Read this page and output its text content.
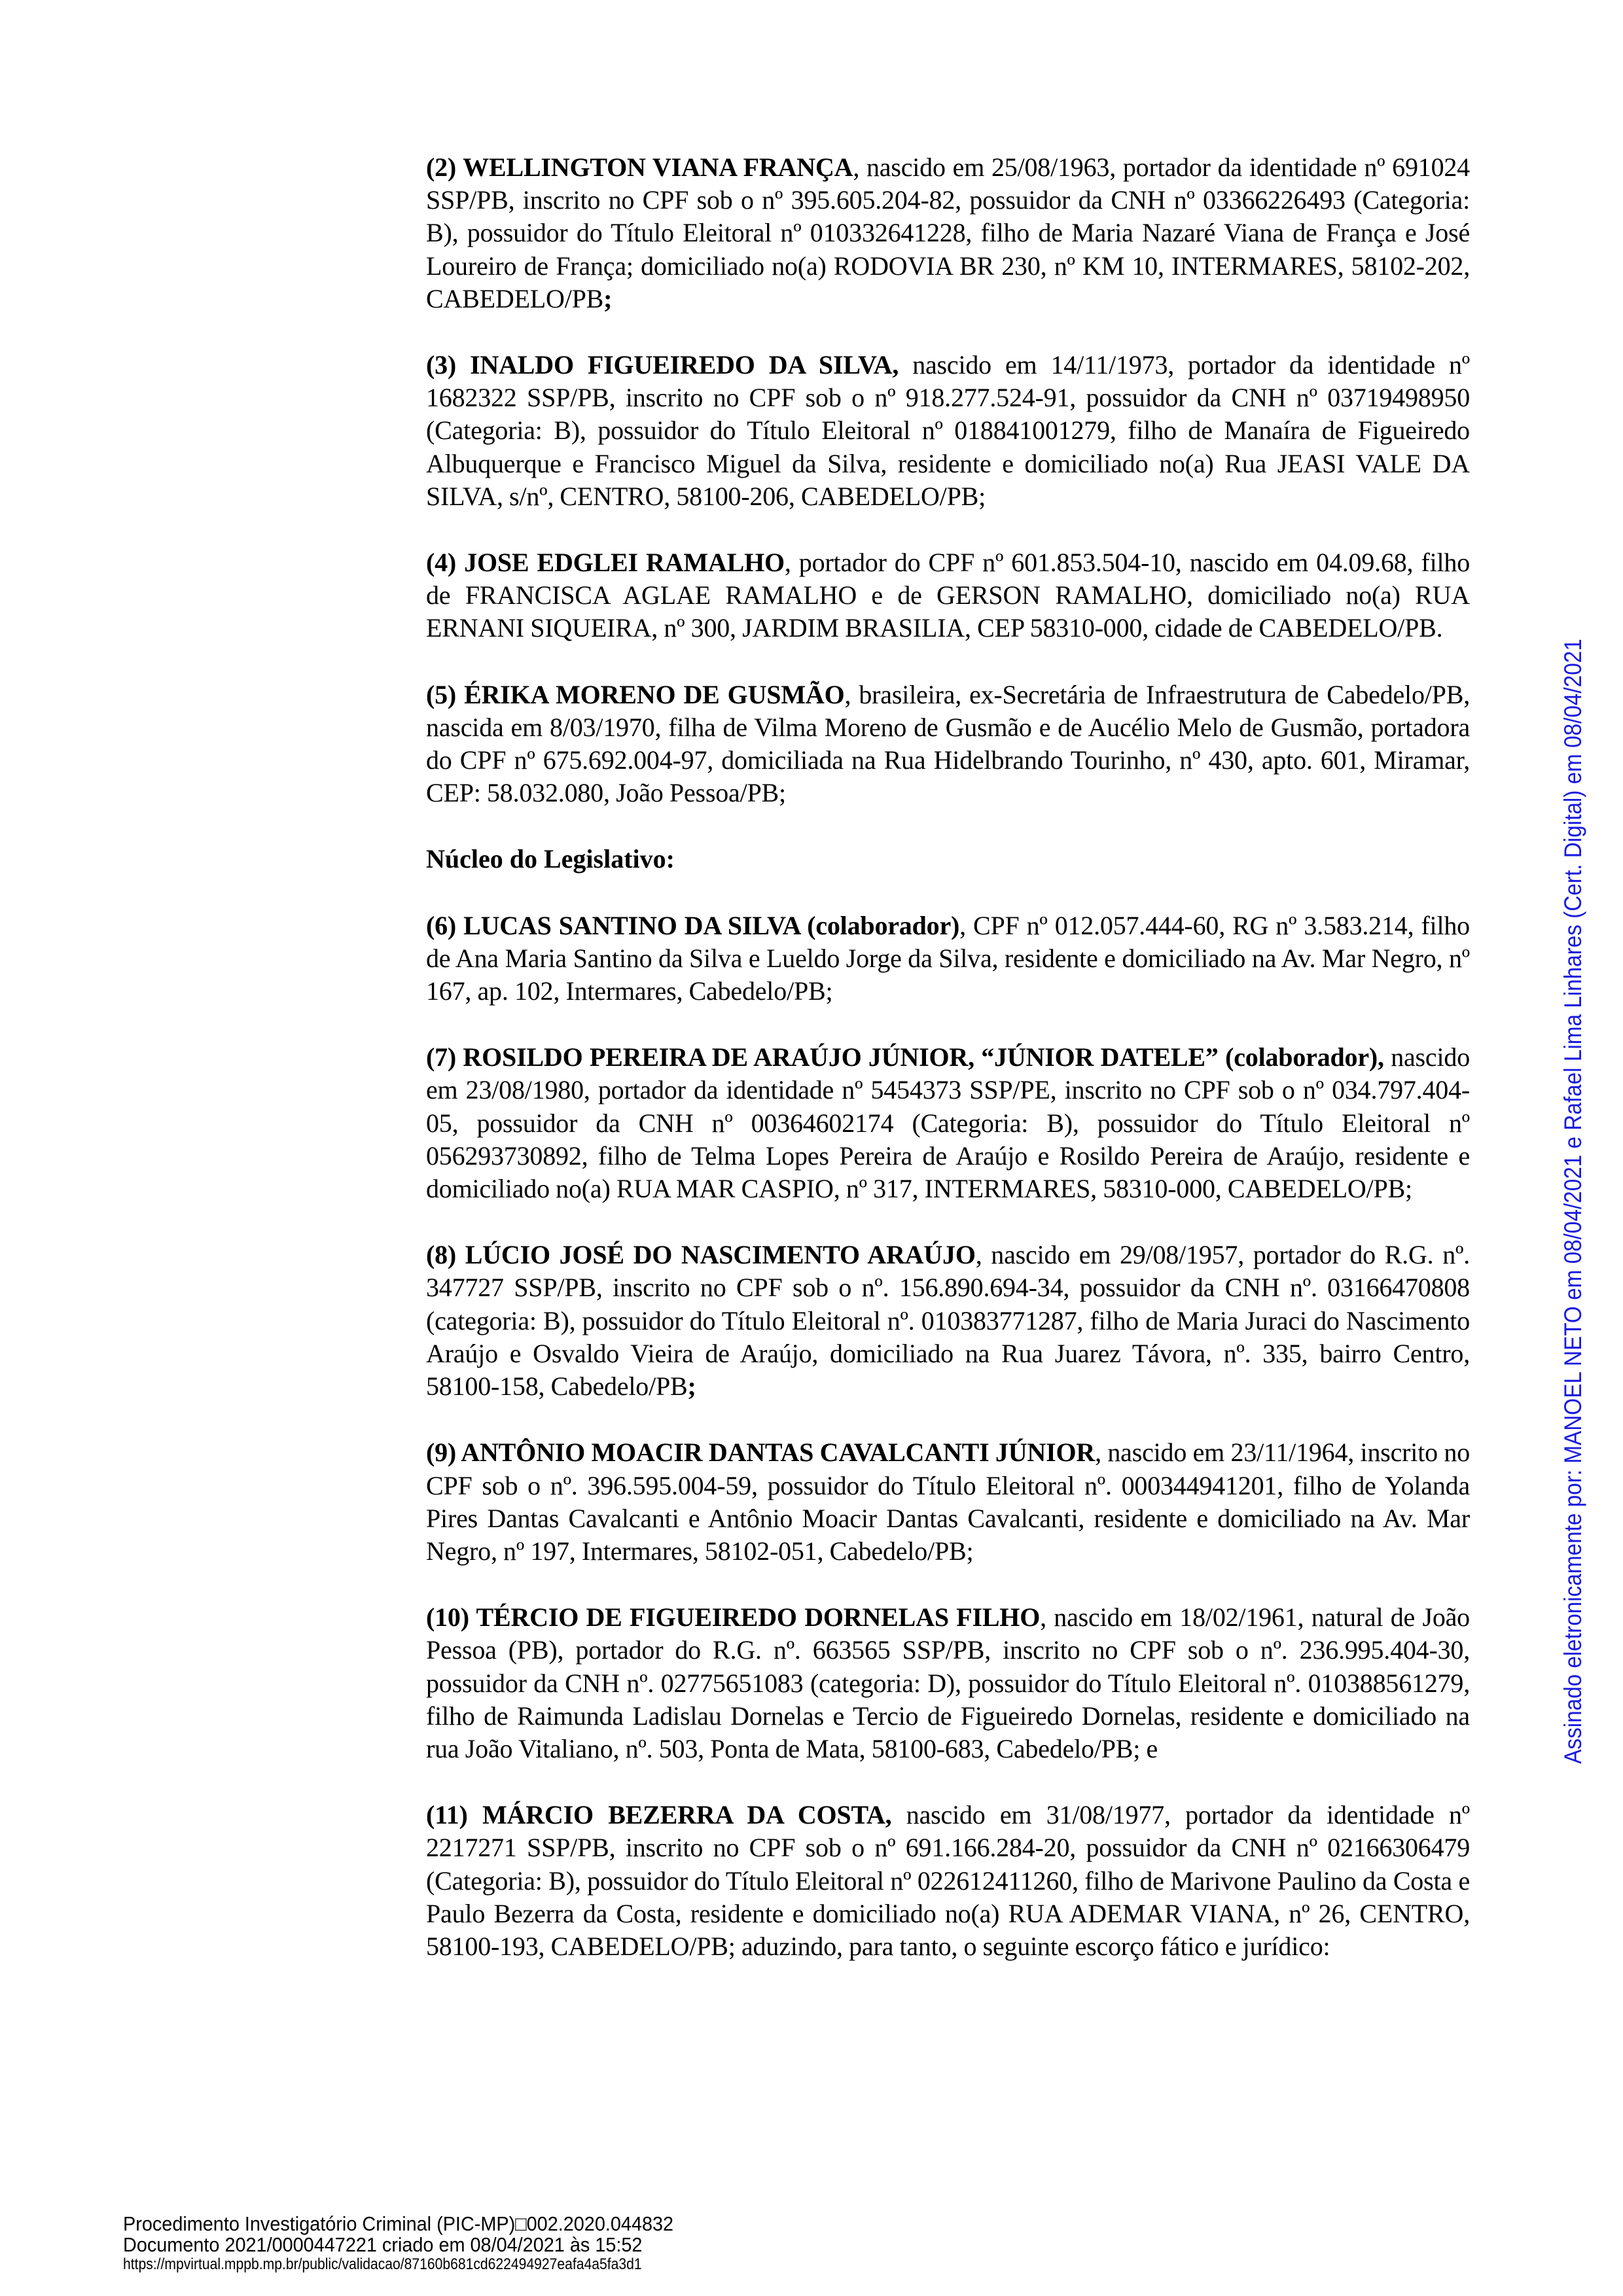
(2) WELLINGTON VIANA FRANÇA, nascido em 25/08/1963, portador da identidade nº 691024 SSP/PB, inscrito no CPF sob o nº 395.605.204-82, possuidor da CNH nº 03366226493 (Categoria: B), possuidor do Título Eleitoral nº 010332641228, filho de Maria Nazaré Viana de França e José Loureiro de França; domiciliado no(a) RODOVIA BR 230, nº KM 10, INTERMARES, 58102-202, CABEDELO/PB;

(3) INALDO FIGUEIREDO DA SILVA, nascido em 14/11/1973, portador da identidade nº 1682322 SSP/PB, inscrito no CPF sob o nº 918.277.524-91, possuidor da CNH nº 03719498950 (Categoria: B), possuidor do Título Eleitoral nº 018841001279, filho de Manaíra de Figueiredo Albuquerque e Francisco Miguel da Silva, residente e domiciliado no(a) Rua JEASI VALE DA SILVA, s/nº, CENTRO, 58100-206, CABEDELO/PB;

(4) JOSE EDGLEI RAMALHO, portador do CPF nº 601.853.504-10, nascido em 04.09.68, filho de FRANCISCA AGLAE RAMALHO e de GERSON RAMALHO, domiciliado no(a) RUA ERNANI SIQUEIRA, nº 300, JARDIM BRASILIA, CEP 58310-000, cidade de CABEDELO/PB.

(5) ÉRIKA MORENO DE GUSMÃO, brasileira, ex-Secretária de Infraestrutura de Cabedelo/PB, nascida em 8/03/1970, filha de Vilma Moreno de Gusmão e de Aucélio Melo de Gusmão, portadora do CPF nº 675.692.004-97, domiciliada na Rua Hidelbrando Tourinho, nº 430, apto. 601, Miramar, CEP: 58.032.080, João Pessoa/PB;

Núcleo do Legislativo:

(6) LUCAS SANTINO DA SILVA (colaborador), CPF nº 012.057.444-60, RG nº 3.583.214, filho de Ana Maria Santino da Silva e Lueldo Jorge da Silva, residente e domiciliado na Av. Mar Negro, nº 167, ap. 102, Intermares, Cabedelo/PB;

(7) ROSILDO PEREIRA DE ARAÚJO JÚNIOR, “JÚNIOR DATELE” (colaborador), nascido em 23/08/1980, portador da identidade nº 5454373 SSP/PE, inscrito no CPF sob o nº 034.797.404-05, possuidor da CNH nº 00364602174 (Categoria: B), possuidor do Título Eleitoral nº 056293730892, filho de Telma Lopes Pereira de Araújo e Rosildo Pereira de Araújo, residente e domiciliado no(a) RUA MAR CASPIO, nº 317, INTERMARES, 58310-000, CABEDELO/PB;

(8) LÚCIO JOSÉ DO NASCIMENTO ARAÚJO, nascido em 29/08/1957, portador do R.G. nº. 347727 SSP/PB, inscrito no CPF sob o nº. 156.890.694-34, possuidor da CNH nº. 03166470808 (categoria: B), possuidor do Título Eleitoral nº. 010383771287, filho de Maria Juraci do Nascimento Araújo e Osvaldo Vieira de Araújo, domiciliado na Rua Juarez Távora, nº. 335, bairro Centro, 58100-158, Cabedelo/PB;

(9) ANTÔNIO MOACIR DANTAS CAVALCANTI JÚNIOR, nascido em 23/11/1964, inscrito no CPF sob o nº. 396.595.004-59, possuidor do Título Eleitoral nº. 000344941201, filho de Yolanda Pires Dantas Cavalcanti e Antônio Moacir Dantas Cavalcanti, residente e domiciliado na Av. Mar Negro, nº 197, Intermares, 58102-051, Cabedelo/PB;

(10) TÉRCIO DE FIGUEIREDO DORNELAS FILHO, nascido em 18/02/1961, natural de João Pessoa (PB), portador do R.G. nº. 663565 SSP/PB, inscrito no CPF sob o nº. 236.995.404-30, possuidor da CNH nº. 02775651083 (categoria: D), possuidor do Título Eleitoral nº. 010388561279, filho de Raimunda Ladislau Dornelas e Tercio de Figueiredo Dornelas, residente e domiciliado na rua João Vitaliano, nº. 503, Ponta de Mata, 58100-683, Cabedelo/PB; e

(11) MÁRCIO BEZERRA DA COSTA, nascido em 31/08/1977, portador da identidade nº 2217271 SSP/PB, inscrito no CPF sob o nº 691.166.284-20, possuidor da CNH nº 02166306479 (Categoria: B), possuidor do Título Eleitoral nº 022612411260, filho de Marivone Paulino da Costa e Paulo Bezerra da Costa, residente e domiciliado no(a) RUA ADEMAR VIANA, nº 26, CENTRO, 58100-193, CABEDELO/PB; aduzindo, para tanto, o seguinte escorço fático e jurídico:

Assinado eletronicamente por: MANOEL NETO em 08/04/2021 e Rafael Lima Linhares (Cert. Digital) em 08/04/2021
Procedimento Investigatório Criminal (PIC-MP)□002.2020.044832
Documento 2021/0000447221 criado em 08/04/2021 às 15:52
https://mpvirtual.mppb.mp.br/public/validacao/87160b681cd622494927eafa4a5fa3d1
